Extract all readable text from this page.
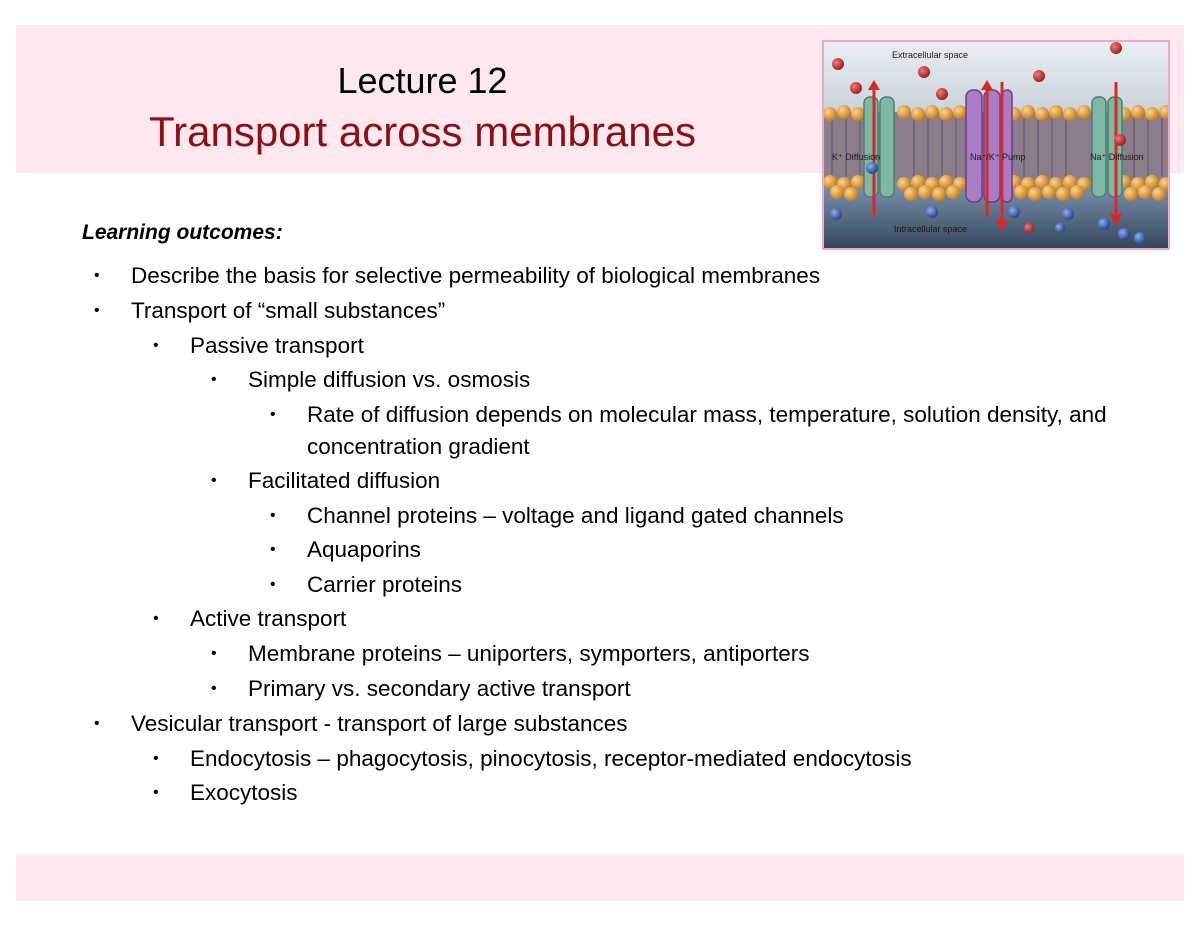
Lecture 12
Transport across membranes
Extracellular space
Intracellular space
K⁺ Diffusion	Na⁺/K⁺ Pump	Na⁺ Diffusion
Learning outcomes:
• Describe the basis for selective permeability of biological membranes
• Transport of “small substances”
• Passive transport
• Simple diffusion vs. osmosis
• Rate of diffusion depends on molecular mass, temperature, solution density, and concentration gradient
• Facilitated diffusion
• Channel proteins – voltage and ligand gated channels
• Aquaporins
• Carrier proteins
• Active transport
• Membrane proteins – uniporters, symporters, antiporters
• Primary vs. secondary active transport
• Vesicular transport - transport of large substances
• Endocytosis – phagocytosis, pinocytosis, receptor-mediated endocytosis
• Exocytosis
